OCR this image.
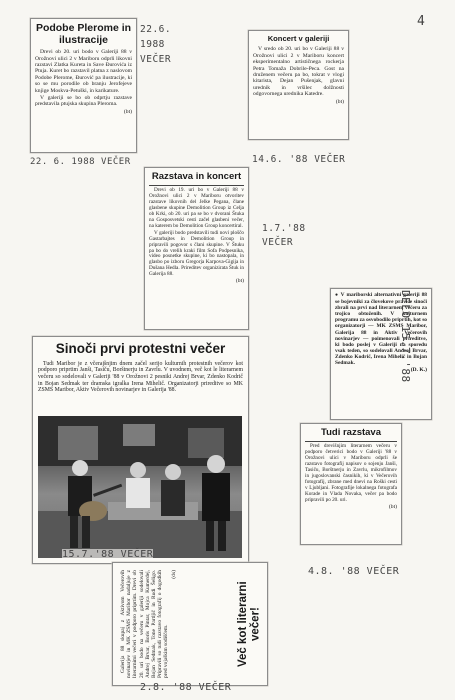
4
Podobe Plerome in ilustracije

Drevi ob 20. uri bodo v Galeriji 88 v Orožnovi ulici 2 v Mariboru odprli likovni razstavi Zlatka Kureta in Save Đurovića iz Ptuja. Kuret bo razstavil platna z naslovom Podobe Plerome, Đurović pa ilustracije, ki so se mu porodile ob branju Jerofejeve knjige Moskva-Petuški, in karikature.

V galeriji se bo ob odprtju razstave predstavila ptujska skupina Pleroma.

(bt)
22.6.
1988
VEČER
22. 6. 1988 VEČER
Koncert v galeriji

V sredo ob 20. uri bo v Galeriji 88 v Orožnovi ulici 2 v Mariboru koncert eksperimentalno artističnega rockerja Petra Tomaža Dobrile-Peca. Gost na druženem večeru pa bo, tokrat v vlogi kitarista, Dejan Pušenjak, glavni urednik in vršilec dolžnosti odgovornega urednika Katedre.

(bt)
14.6. '88 VEČER
Razstava in koncert

Drevi ob 19. uri bo v Galeriji 88 v Orožnovi ulici 2 v Mariboru otvoritev razstave likovnih del Jelke Pegana, člane glasbene skupine Demolition Group iz Celja ob Krki, ob 20. uri pa se bo v dvorani Štuka na Gosposvetski cesti začel glasbeni večer, na katerem bo Demolition Group koncertiral.

V galeriji bodo predstavili tudi novi ploščo Gastarbajtes in Demolition Group in pripravili pogovor s člani skupine. V Štuku pa bo do vrelih kraki film Sofa Podpesnika, video posnetke skupine, ki bo nastopala, in glasbo po izboru Gregorja Karpova-Gigija in Dušana Hedla. Prireditev organizirata Štuk in Galerija 88.

(bt)
1.7.'88
VEČER
Sinoči prvi protestni večer

Tudi Maribor je z včerajšnjim dnem začel serijo kulturnih protestnih večerov kot podporo priprtim Janši, Tasiču, Borštnerju in Zavrlu. V uvodnem, več kot le literarnem večeru so sodelovali v Galeriji '88 v Orožnovi 2 pesniki Andrej Brvar, Zdenko Kodrič in Bojan Sedmak ter dramska igralka Irena Mihelič. Organizatorji prireditve so MK ZSMS Maribor, Aktiv Večerovih novinarjev in Galerija '88.

15.7.'88 VEČER

● V mariborski alternativni galeriji 88 se bojevniki za človekove pravice sinoči zbrali na prvi nad literarnem večeru za trojico obtoženih. V kulturnem programu za osvobodilo priprtih, kot so organizatorji — MK ZSMS Maribor, Galerija 88 in Aktiv Večerovih novinarjev — poimenovali prireditve, ki bodo poslej v Galeriji na sporedu vsak teden, so sodelovali Andrej Brvar, Zdenko Kodrič, Irena Mihelič in Bojan Sedmak.

(D. K.)
DELO 15.7.'88
Tudi razstava

Pred drevišnjim literarnem večeru v podporo četverici bodo v Galeriji '88 v Orožnovi ulici v Mariboru odprli še razstavo fotografij napisov o sojenju Janši, Tasiču, Borštnerju in Zavrlu, mikrofilmov in jugoslovanski časnikih, ki v Večerovih fotografij, zbrane med dnevi na Roški cesti v Ljubljani. Fotografije lokalnega fotografa Korade in Vlada Novaka, večer pa bodo pripravili po 20. uri.

(bt)
4.8. '88 VEČER

Galerija 88 skupaj z Aktivom Večerovih novinarjev in MK ZSMS Maribor nadaljuje z literarnimi večeri v podporo priprtim. Drevi ob 20. uri bodo na večeru v galeriji sodelovali Andrej Brvar, Boris Pintar, Mojca Kumerdej, Bojan Sedmak, Tone Partljič in Rudi Šeligo. Pripravili so tudi razstavo fotografij o dogodkih pred vojaškim sodiščem.

(ds)
Več kot literarni večer!
2.8. '88 VEČER
